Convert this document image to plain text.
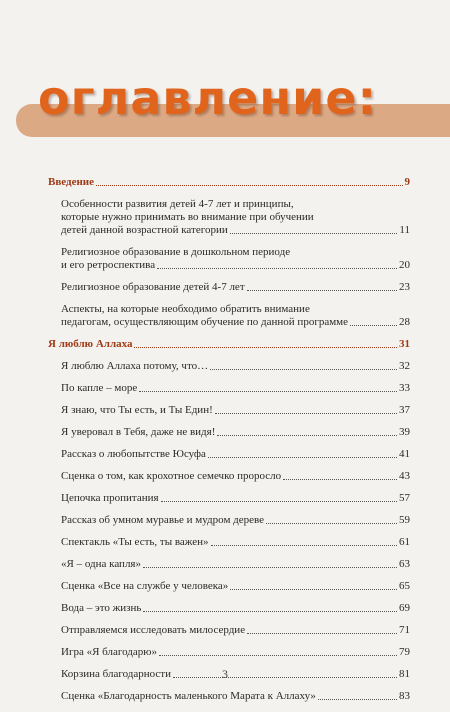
оглавление:
Введение	9
Особенности развития детей 4-7 лет и принципы,
которые нужно принимать во внимание при обучении
детей данной возрастной категории	11
Религиозное образование в дошкольном периоде
и его ретроспектива	20
Религиозное образование детей 4-7 лет	23
Аспекты, на которые необходимо обратить внимание
педагогам, осуществляющим обучение по данной программе	28
Я люблю Аллаха	31
Я люблю Аллаха потому, что…	32
По капле – море	33
Я знаю, что Ты есть, и Ты Един!	37
Я уверовал в Тебя, даже не видя!	39
Рассказ о любопытстве Юсуфа	41
Сценка о том, как крохотное семечко проросло	43
Цепочка пропитания	57
Рассказ об умном муравье и мудром дереве	59
Спектакль «Ты есть, ты важен»	61
«Я – одна капля»	63
Сценка «Все на службе у человека»	65
Вода – это жизнь	69
Отправляемся исследовать милосердие	71
Игра «Я благодарю»	79
Корзина благодарности	81
Сценка «Благодарность маленького Марата к Аллаху»	83
3
